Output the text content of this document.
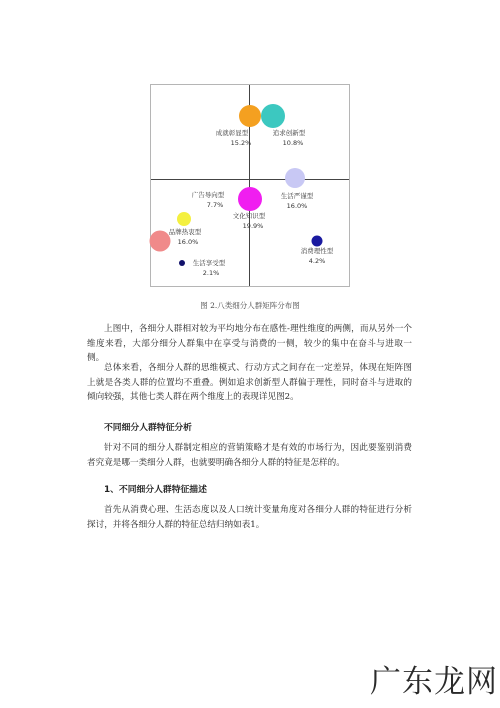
成就彰显型
15.2%
追求创新型
10.8%
广告导向型
7.7%
文化知识型
19.9%
生活严谨型
16.0%
品牌热衷型
16.0%
消费理性型
4.2%
生活享受型
2.1%
图 2.八类细分人群矩阵分布图

上图中，各细分人群相对较为平均地分布在感性-理性维度的两侧，而从另外一个维度来看，大部分细分人群集中在享受与消费的一侧，较少的集中在奋斗与进取一侧。

总体来看，各细分人群的思维模式、行动方式之间存在一定差异，体现在矩阵图上就是各类人群的位置均不重叠。例如追求创新型人群偏于理性，同时奋斗与进取的倾向较强，其他七类人群在两个维度上的表现详见图2。

不同细分人群特征分析

针对不同的细分人群制定相应的营销策略才是有效的市场行为，因此要鉴别消费者究竟是哪一类细分人群，也就要明确各细分人群的特征是怎样的。

1、不同细分人群特征描述

首先从消费心理、生活态度以及人口统计变量角度对各细分人群的特征进行分析探讨，并将各细分人群的特征总结归纳如表1。

广东龙网
